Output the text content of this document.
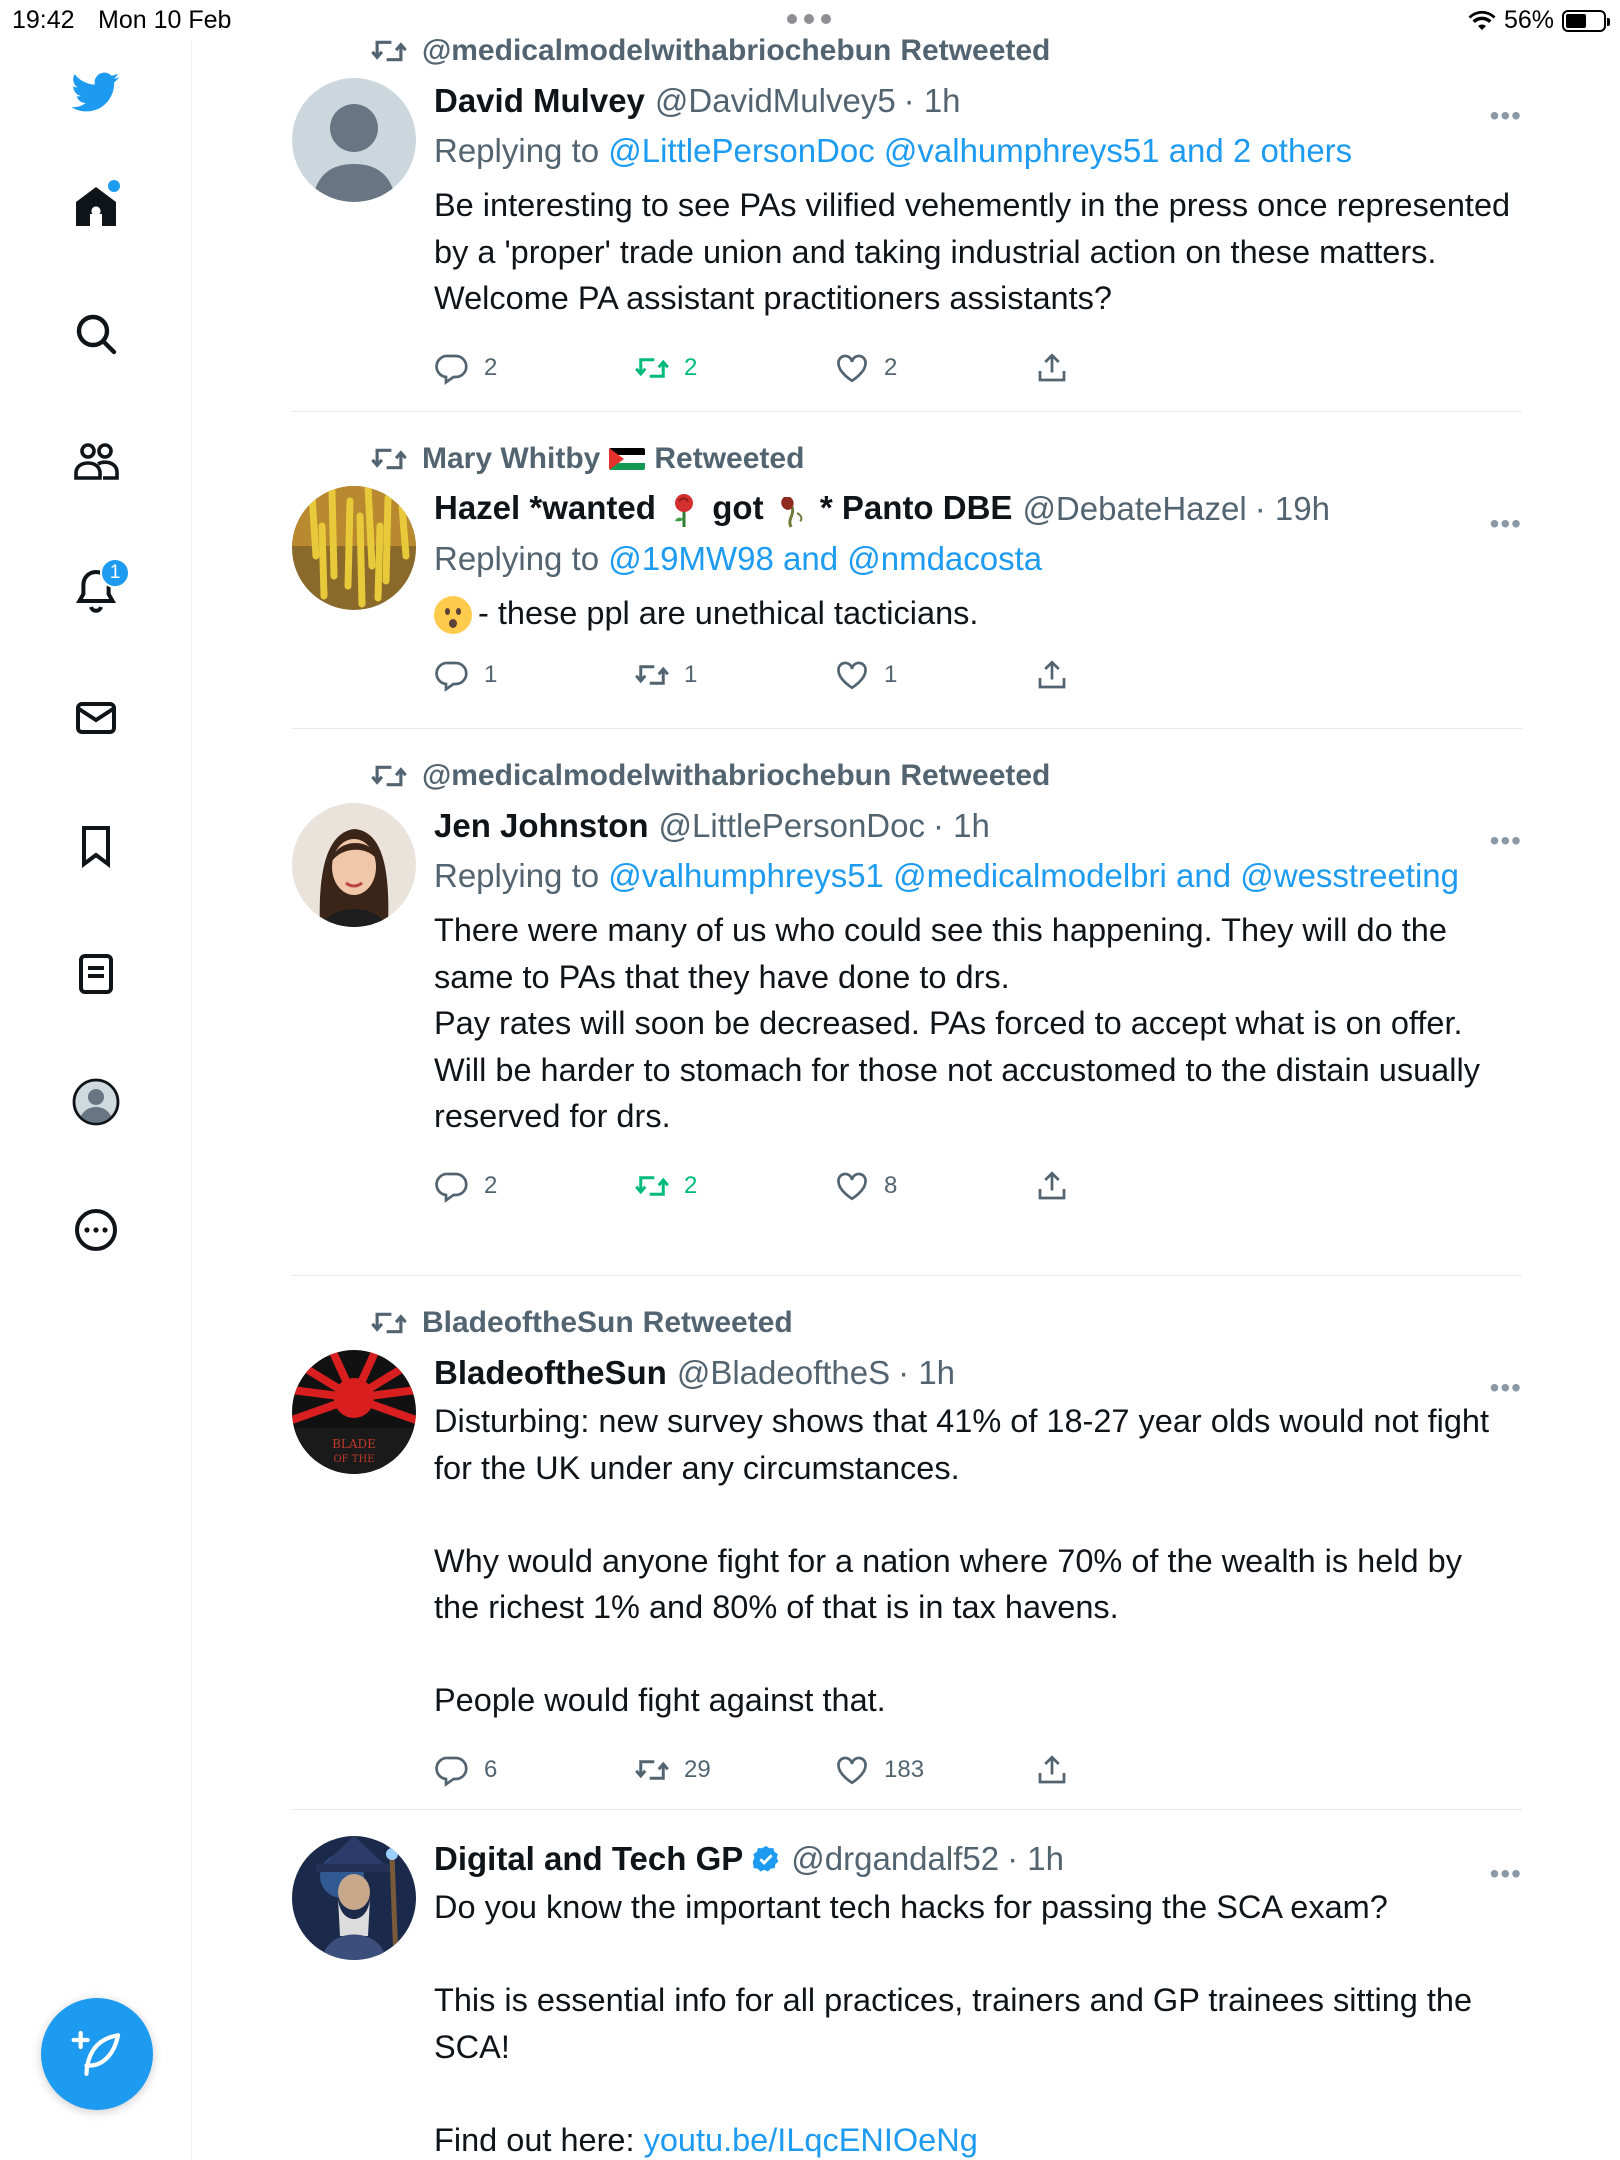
19:42 Mon 10 Feb	56%
1
@medicalmodelwithabriochebun Retweeted
David Mulvey @DavidMulvey5 · 1h	•••
Replying to @LittlePersonDoc @valhumphreys51 and 2 others

Be interesting to see PAs vilified vehemently in the press once represented by a 'proper' trade union and taking industrial action on these matters. Welcome PA assistant practitioners assistants?

2	2	2
Mary Whitby Retweeted
Hazel *wanted got * Panto DBE @DebateHazel · 19h	•••
Replying to @19MW98 and @nmdacosta

- these ppl are unethical tacticians.

1	1	1
@medicalmodelwithabriochebun Retweeted
Jen Johnston @LittlePersonDoc · 1h	•••
Replying to @valhumphreys51 @medicalmodelbri and @wesstreeting

There were many of us who could see this happening. They will do the same to PAs that they have done to drs.

Pay rates will soon be decreased. PAs forced to accept what is on offer.

Will be harder to stomach for those not accustomed to the distain usually reserved for drs.

2	2	8
BladeoftheSun Retweeted
BLADE
OF THE
BladeoftheSun @BladeoftheS · 1h	•••

Disturbing: new survey shows that 41% of 18-27 year olds would not fight for the UK under any circumstances.

Why would anyone fight for a nation where 70% of the wealth is held by the richest 1% and 80% of that is in tax havens.

People would fight against that.

6	29	183
Digital and Tech GP @drgandalf52 · 1h	•••

Do you know the important tech hacks for passing the SCA exam?

This is essential info for all practices, trainers and GP trainees sitting the SCA!

Find out here: youtu.be/ILqcENIOeNg
